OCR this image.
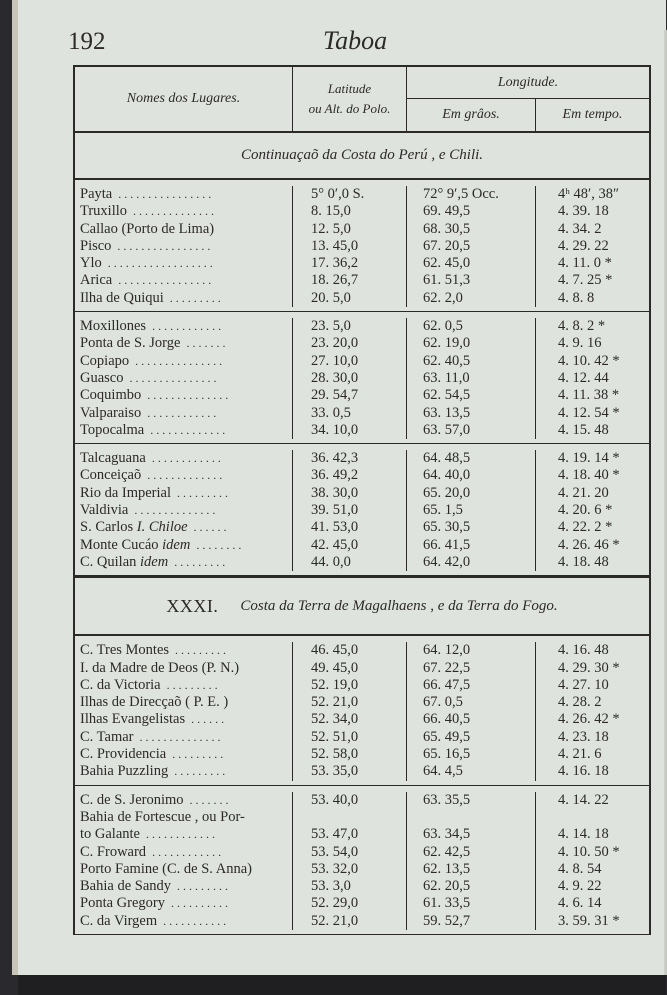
192	Taboa
Nomes dos Lugares.
Latitude
ou Alt. do Polo.
Longitude.
Em grâos.	Em tempo.
Continuaçaõ da Costa do Perú , e Chili.
Payta ................
Truxillo ..............
Callao (Porto de Lima)
Pisco ................
Ylo ..................
Arica ................
Ilha de Quiqui .........
5° 0′,0 S.
8. 15,0
12. 5,0
13. 45,0
17. 36,2
18. 26,7
20. 5,0
72° 9′,5 Occ.
69. 49,5
68. 30,5
67. 20,5
62. 45,0
61. 51,3
62. 2,0
4ʰ 48′, 38″
4. 39. 18
4. 34. 2
4. 29. 22
4. 11. 0 *
4. 7. 25 *
4. 8. 8
Moxillones ............
Ponta de S. Jorge .......
Copiapo ...............
Guasco ...............
Coquimbo ..............
Valparaiso ............
Topocalma .............
23. 5,0
23. 20,0
27. 10,0
28. 30,0
29. 54,7
33. 0,5
34. 10,0
62. 0,5
62. 19,0
62. 40,5
63. 11,0
62. 54,5
63. 13,5
63. 57,0
4. 8. 2 *
4. 9. 16
4. 10. 42 *
4. 12. 44
4. 11. 38 *
4. 12. 54 *
4. 15. 48
Talcaguana ............
Conceiçaõ .............
Rio da Imperial .........
Valdivia ..............
S. Carlos I. Chiloe ......
Monte Cucáo idem ........
C. Quilan idem .........
36. 42,3
36. 49,2
38. 30,0
39. 51,0
41. 53,0
42. 45,0
44. 0,0
64. 48,5
64. 40,0
65. 20,0
65. 1,5
65. 30,5
66. 41,5
64. 42,0
4. 19. 14 *
4. 18. 40 *
4. 21. 20
4. 20. 6 *
4. 22. 2 *
4. 26. 46 *
4. 18. 48
XXXI. Costa da Terra de Magalhaens , e da Terra do Fogo.
C. Tres Montes .........
I. da Madre de Deos (P. N.)
C. da Victoria .........
Ilhas de Direcçaõ ( P. E. )
Ilhas Evangelistas ......
C. Tamar ..............
C. Providencia .........
Bahia Puzzling .........
46. 45,0
49. 45,0
52. 19,0
52. 21,0
52. 34,0
52. 51,0
52. 58,0
53. 35,0
64. 12,0
67. 22,5
66. 47,5
67. 0,5
66. 40,5
65. 49,5
65. 16,5
64. 4,5
4. 16. 48
4. 29. 30 *
4. 27. 10
4. 28. 2
4. 26. 42 *
4. 23. 18
4. 21. 6
4. 16. 18
C. de S. Jeronimo .......
Bahia de Fortescue , ou Por-
to Galante ............
C. Froward ............
Porto Famine (C. de S. Anna)
Bahia de Sandy .........
Ponta Gregory ..........
C. da Virgem ...........
53. 40,0
53. 47,0
53. 54,0
53. 32,0
53. 3,0
52. 29,0
52. 21,0
63. 35,5
63. 34,5
62. 42,5
62. 13,5
62. 20,5
61. 33,5
59. 52,7
4. 14. 22
4. 14. 18
4. 10. 50 *
4. 8. 54
4. 9. 22
4. 6. 14
3. 59. 31 *
